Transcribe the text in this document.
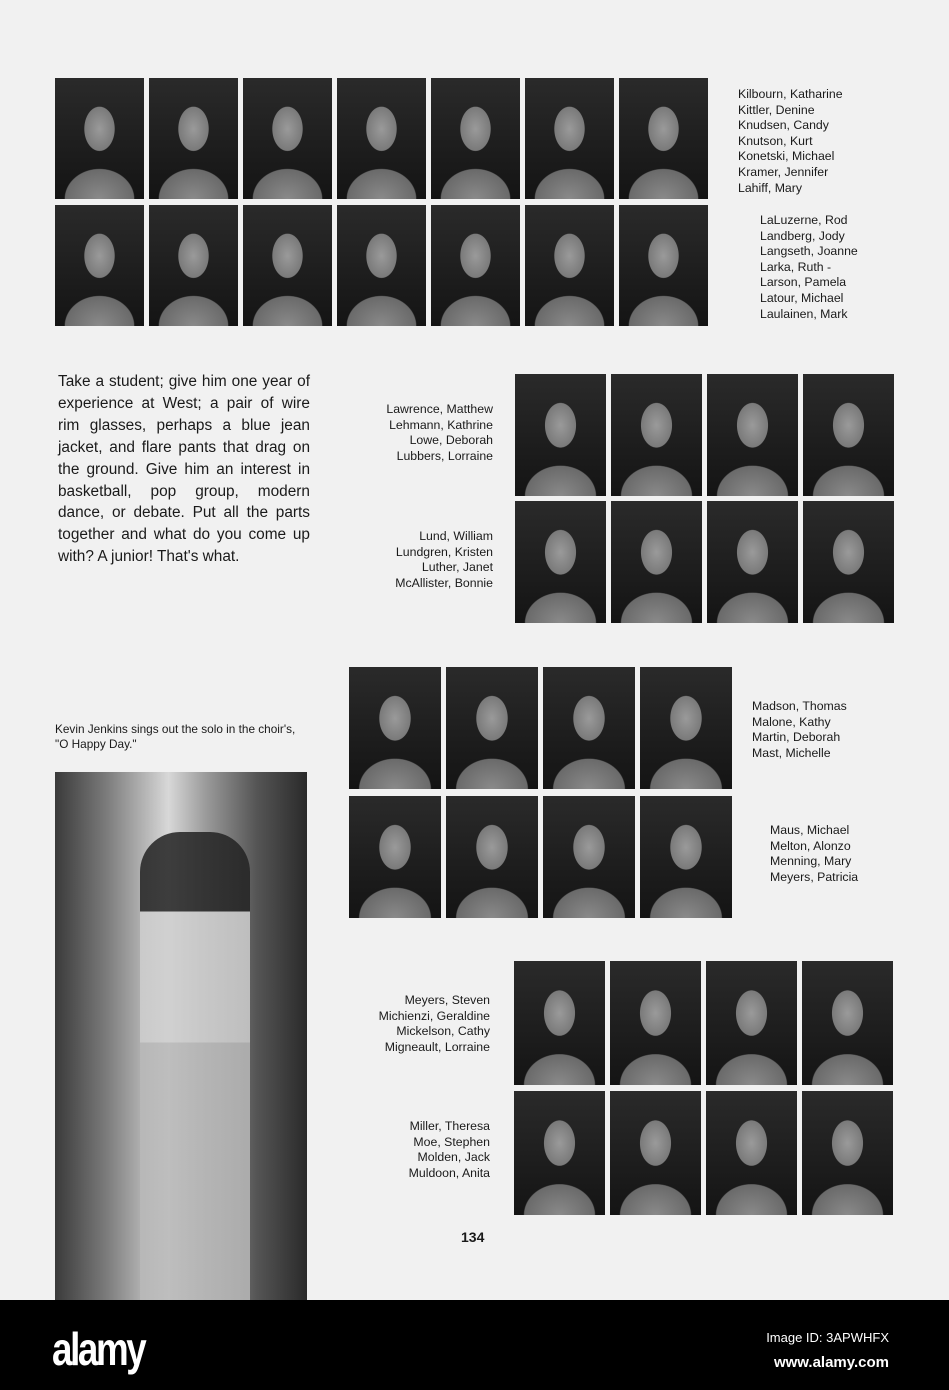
Kilbourn, Katharine
Kittler, Denine
Knudsen, Candy
Knutson, Kurt
Konetski, Michael
Kramer, Jennifer
Lahiff, Mary
LaLuzerne, Rod
Landberg, Jody
Langseth, Joanne
Larka, Ruth -
Larson, Pamela
Latour, Michael
Laulainen, Mark

Take a student; give him one year of experience at West; a pair of wire rim glasses, perhaps a blue jean jacket, and flare pants that drag on the ground. Give him an interest in basketball, pop group, modern dance, or debate. Put all the parts together and what do you come up with? A junior! That's what.

Lawrence, Matthew
Lehmann, Kathrine
Lowe, Deborah
Lubbers, Lorraine
Lund, William
Lundgren, Kristen
Luther, Janet
McAllister, Bonnie

Kevin Jenkins sings out the solo in the choir's, "O Happy Day."

Madson, Thomas
Malone, Kathy
Martin, Deborah
Mast, Michelle
Maus, Michael
Melton, Alonzo
Menning, Mary
Meyers, Patricia
Meyers, Steven
Michienzi, Geraldine
Mickelson, Cathy
Migneault, Lorraine
Miller, Theresa
Moe, Stephen
Molden, Jack
Muldoon, Anita
134
alamy	Image ID: 3APWHFX
www.alamy.com
